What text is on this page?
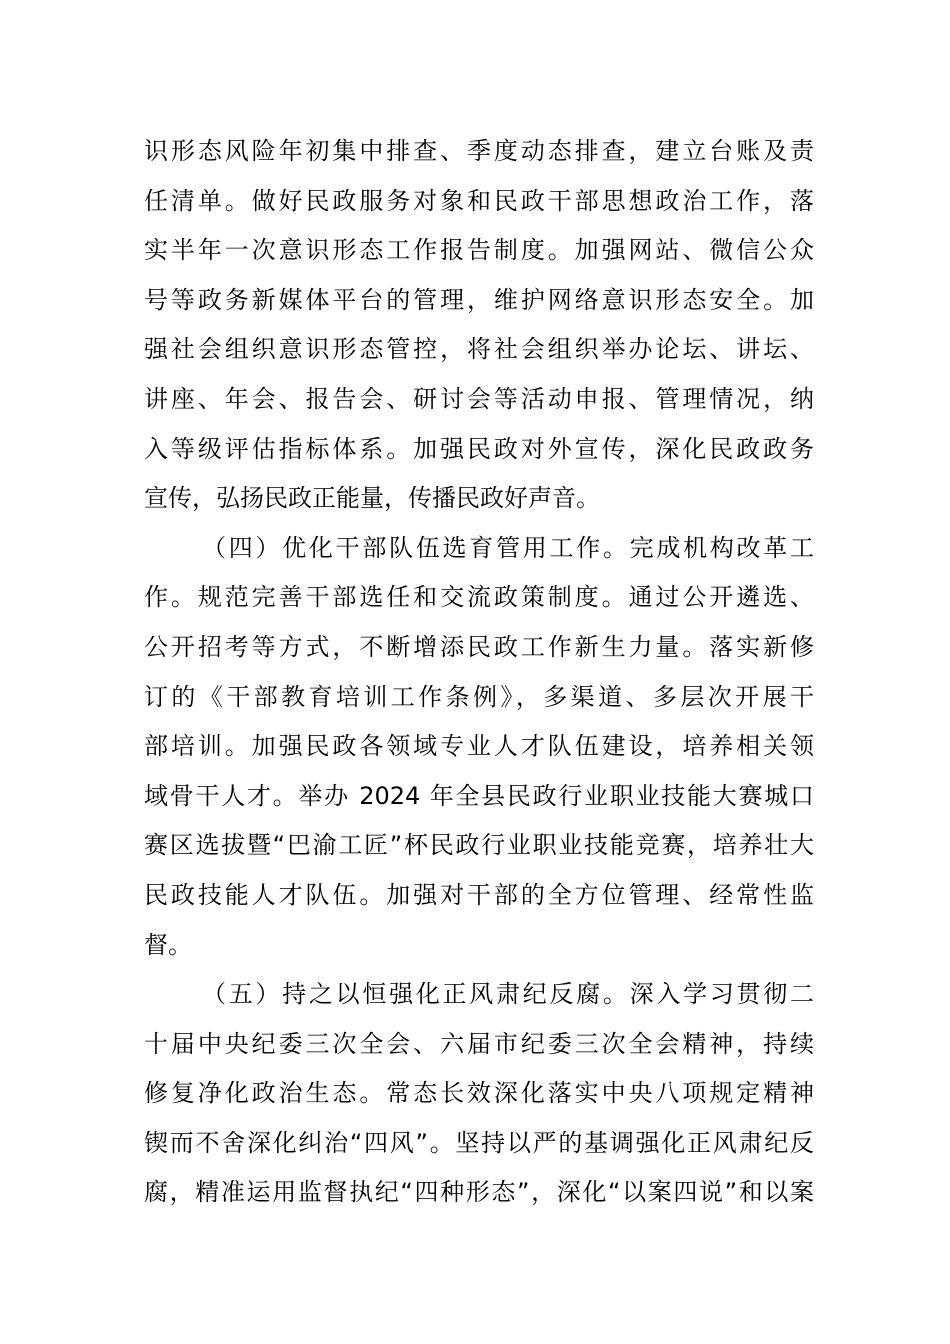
识形态风险年初集中排查、季度动态排查，建立台账及责
任清单。做好民政服务对象和民政干部思想政治工作，落
实半年一次意识形态工作报告制度。加强网站、微信公众
号等政务新媒体平台的管理，维护网络意识形态安全。加
强社会组织意识形态管控，将社会组织举办论坛、讲坛、
讲座、年会、报告会、研讨会等活动申报、管理情况，纳
入等级评估指标体系。加强民政对外宣传，深化民政政务
宣传，弘扬民政正能量，传播民政好声音。
（四）优化干部队伍选育管用工作。完成机构改革工
作。规范完善干部选任和交流政策制度。通过公开遴选、
公开招考等方式，不断增添民政工作新生力量。落实新修
订的《干部教育培训工作条例》，多渠道、多层次开展干
部培训。加强民政各领域专业人才队伍建设，培养相关领
域骨干人才。举办 2024 年全县民政行业职业技能大赛城口
赛区选拔暨“巴渝工匠”杯民政行业职业技能竞赛，培养壮大
民政技能人才队伍。加强对干部的全方位管理、经常性监
督。
（五）持之以恒强化正风肃纪反腐。深入学习贯彻二
十届中央纪委三次全会、六届市纪委三次全会精神，持续
修复净化政治生态。常态长效深化落实中央八项规定精神
锲而不舍深化纠治“四风”。坚持以严的基调强化正风肃纪反
腐，精准运用监督执纪“四种形态”，深化“以案四说”和以案
